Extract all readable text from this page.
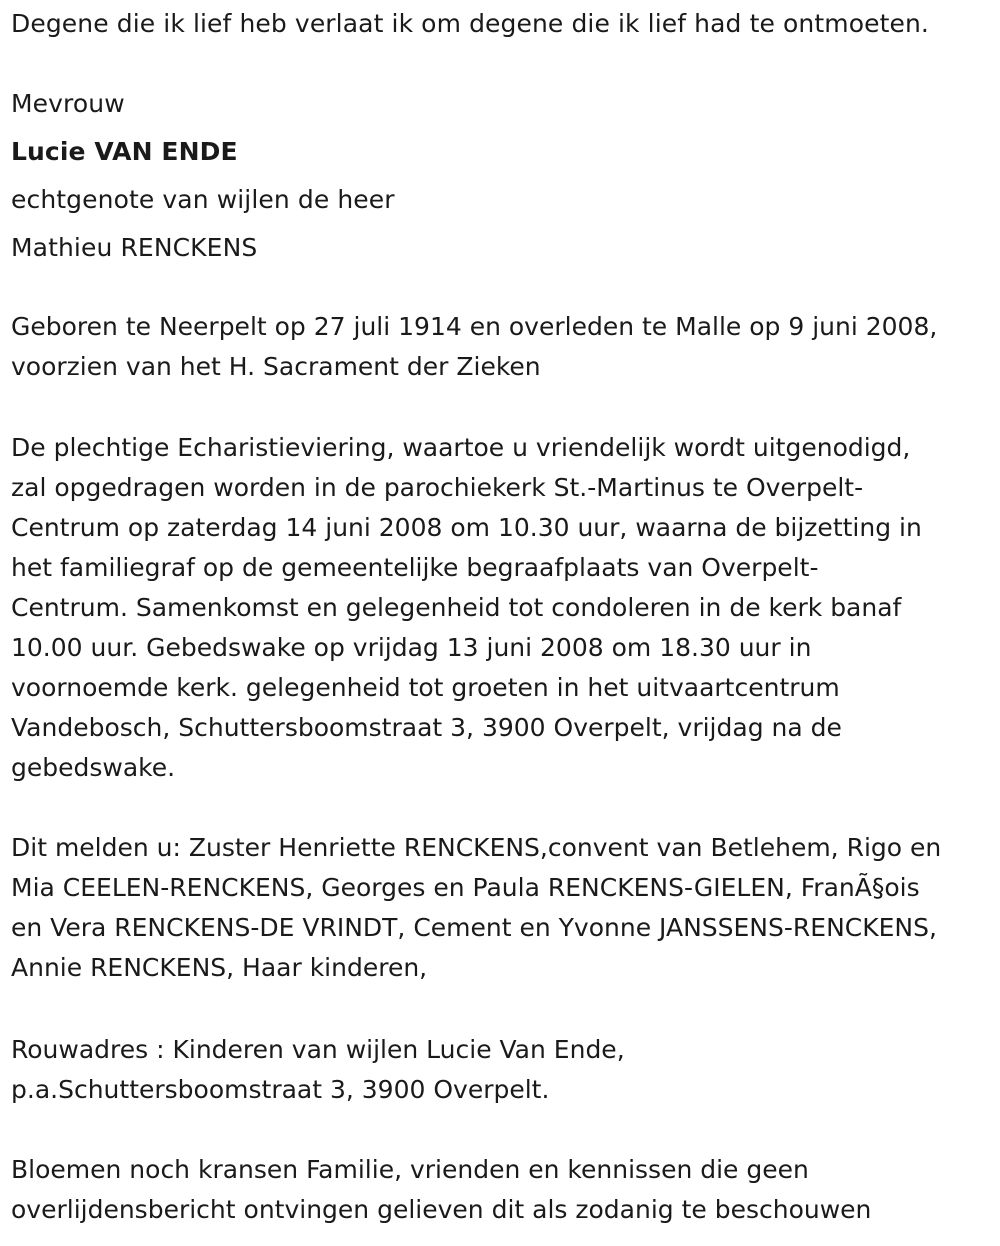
Degene die ik lief heb verlaat ik om degene die ik lief had te ontmoeten.
Mevrouw
Lucie VAN ENDE
echtgenote van wijlen de heer
Mathieu RENCKENS
Geboren te Neerpelt op 27 juli 1914 en overleden te Malle op 9 juni 2008,
voorzien van het H. Sacrament der Zieken
De plechtige Echaristieviering, waartoe u vriendelijk wordt uitgenodigd,
zal opgedragen worden in de parochiekerk St.-Martinus te Overpelt-
Centrum op zaterdag 14 juni 2008 om 10.30 uur, waarna de bijzetting in
het familiegraf op de gemeentelijke begraafplaats van Overpelt-
Centrum. Samenkomst en gelegenheid tot condoleren in de kerk banaf
10.00 uur. Gebedswake op vrijdag 13 juni 2008 om 18.30 uur in
voornoemde kerk. gelegenheid tot groeten in het uitvaartcentrum
Vandebosch, Schuttersboomstraat 3, 3900 Overpelt, vrijdag na de
gebedswake.
Dit melden u: Zuster Henriette RENCKENS,convent van Betlehem, Rigo en
Mia CEELEN-RENCKENS, Georges en Paula RENCKENS-GIELEN, FranÃ§ois
en Vera RENCKENS-DE VRINDT, Cement en Yvonne JANSSENS-RENCKENS,
Annie RENCKENS, Haar kinderen,
Rouwadres : Kinderen van wijlen Lucie Van Ende,
p.a.Schuttersboomstraat 3, 3900 Overpelt.
Bloemen noch kransen Familie, vrienden en kennissen die geen
overlijdensbericht ontvingen gelieven dit als zodanig te beschouwen
